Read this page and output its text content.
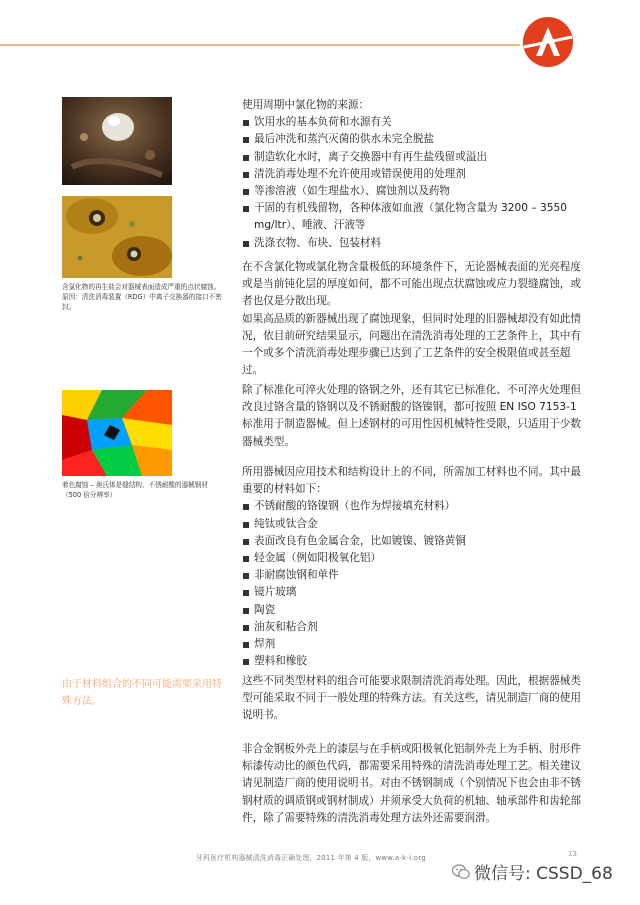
含氯化物的再生盐会对器械表面造成严重的点状腐蚀。
原因：清洗消毒装置（RDG）中离子交换器的接口不密封。
着色腐蚀 – 奥氏体是缝结构、不锈耐酸的器械钢材（500 倍分辨率）
由于材料组合的不同可能需要采用特殊方法。

使用周期中氯化物的来源：

饮用水的基本负荷和水源有关
最后冲洗和蒸汽灭菌的供水未完全脱盐
制造软化水时，离子交换器中有再生盐残留或溢出
清洗消毒处理不允许使用或错误使用的处理剂
等渗溶液（如生理盐水）、腐蚀剂以及药物
干固的有机残留物，各种体液如血液（氯化物含量为 3200 – 3550 mg/ltr）、唾液、汗液等
洗涤衣物、布块、包装材料

在不含氯化物或氯化物含量极低的环境条件下，无论器械表面的光亮程度或是当前钝化层的厚度如何，都不可能出现点状腐蚀或应力裂缝腐蚀，或者也仅是分散出现。

如果高品质的新器械出现了腐蚀现象，但同时处理的旧器械却没有如此情况，依目前研究结果显示，问题出在清洗消毒处理的工艺条件上，其中有一个或多个清洗消毒处理步骤已达到了工艺条件的安全极限值或甚至超过。

除了标准化可淬火处理的铬钢之外，还有其它已标准化、不可淬火处理但改良过铬含量的铬钢以及不锈耐酸的铬镍钢，都可按照 EN ISO 7153-1 标准用于制造器械。但上述钢材的可用性因机械特性受限，只适用于少数器械类型。

所用器械因应用技术和结构设计上的不同，所需加工材料也不同。其中最重要的材料如下：

不锈耐酸的铬镍钢（也作为焊接填充材料）
纯钛或钛合金
表面改良有色金属合金，比如镀镍、镀铬黄铜
轻金属（例如阳极氧化铝）
非耐腐蚀钢和单件
镜片玻璃
陶瓷
油灰和粘合剂
焊剂
塑料和橡胶

这些不同类型材料的组合可能要求限制清洗消毒处理。因此，根据器械类型可能采取不同于一般处理的特殊方法。有关这些，请见制造厂商的使用说明书。

非合金钢板外壳上的漆层与在手柄或阳极氧化铝制外壳上为手柄、肘形件标漆传动比的颜色代码，都需要采用特殊的清洗消毒处理工艺。相关建议请见制造厂商的使用说明书。对由不锈钢制成（个别情况下也会由非不锈钢材质的调质钢或钢材制成）并须承受大负荷的机轴、轴承部件和齿轮部件，除了需要特殊的清洗消毒处理方法外还需要润滑。

牙科医疗机构器械清洗消毒正确处理，2011 年第 4 版，www.a-k-i.org	13
微信号: CSSD_68
